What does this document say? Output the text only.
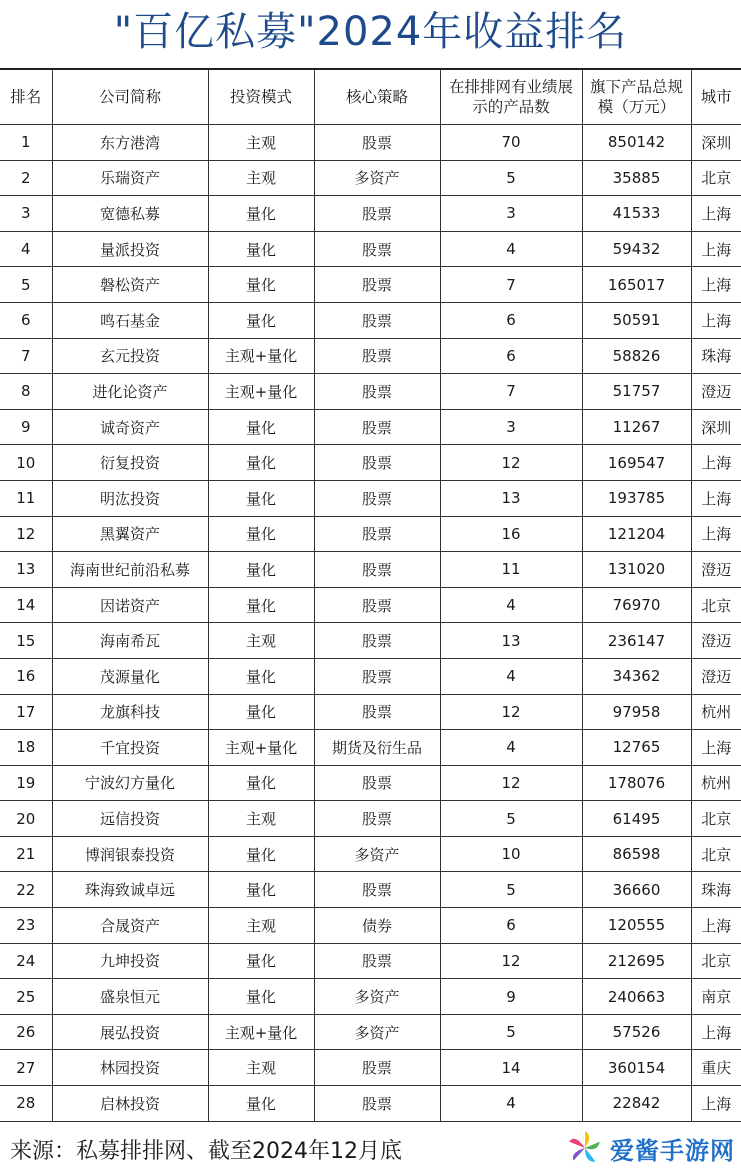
"百亿私募"2024年收益排名
排名	公司简称	投资模式	核心策略	在排排网有业绩展示的产品数	旗下产品总规模（万元）	城市
1	东方港湾	主观	股票	70	850142	深圳
2	乐瑞资产	主观	多资产	5	35885	北京
3	宽德私募	量化	股票	3	41533	上海
4	量派投资	量化	股票	4	59432	上海
5	磐松资产	量化	股票	7	165017	上海
6	鸣石基金	量化	股票	6	50591	上海
7	玄元投资	主观+量化	股票	6	58826	珠海
8	进化论资产	主观+量化	股票	7	51757	澄迈
9	诚奇资产	量化	股票	3	11267	深圳
10	衍复投资	量化	股票	12	169547	上海
11	明汯投资	量化	股票	13	193785	上海
12	黑翼资产	量化	股票	16	121204	上海
13	海南世纪前沿私募	量化	股票	11	131020	澄迈
14	因诺资产	量化	股票	4	76970	北京
15	海南希瓦	主观	股票	13	236147	澄迈
16	茂源量化	量化	股票	4	34362	澄迈
17	龙旗科技	量化	股票	12	97958	杭州
18	千宜投资	主观+量化	期货及衍生品	4	12765	上海
19	宁波幻方量化	量化	股票	12	178076	杭州
20	远信投资	主观	股票	5	61495	北京
21	博润银泰投资	量化	多资产	10	86598	北京
22	珠海致诚卓远	量化	股票	5	36660	珠海
23	合晟资产	主观	债券	6	120555	上海
24	九坤投资	量化	股票	12	212695	北京
25	盛泉恒元	量化	多资产	9	240663	南京
26	展弘投资	主观+量化	多资产	5	57526	上海
27	林园投资	主观	股票	14	360154	重庆
28	启林投资	量化	股票	4	22842	上海
来源：私募排排网、截至2024年12月底	爱酱手游网
